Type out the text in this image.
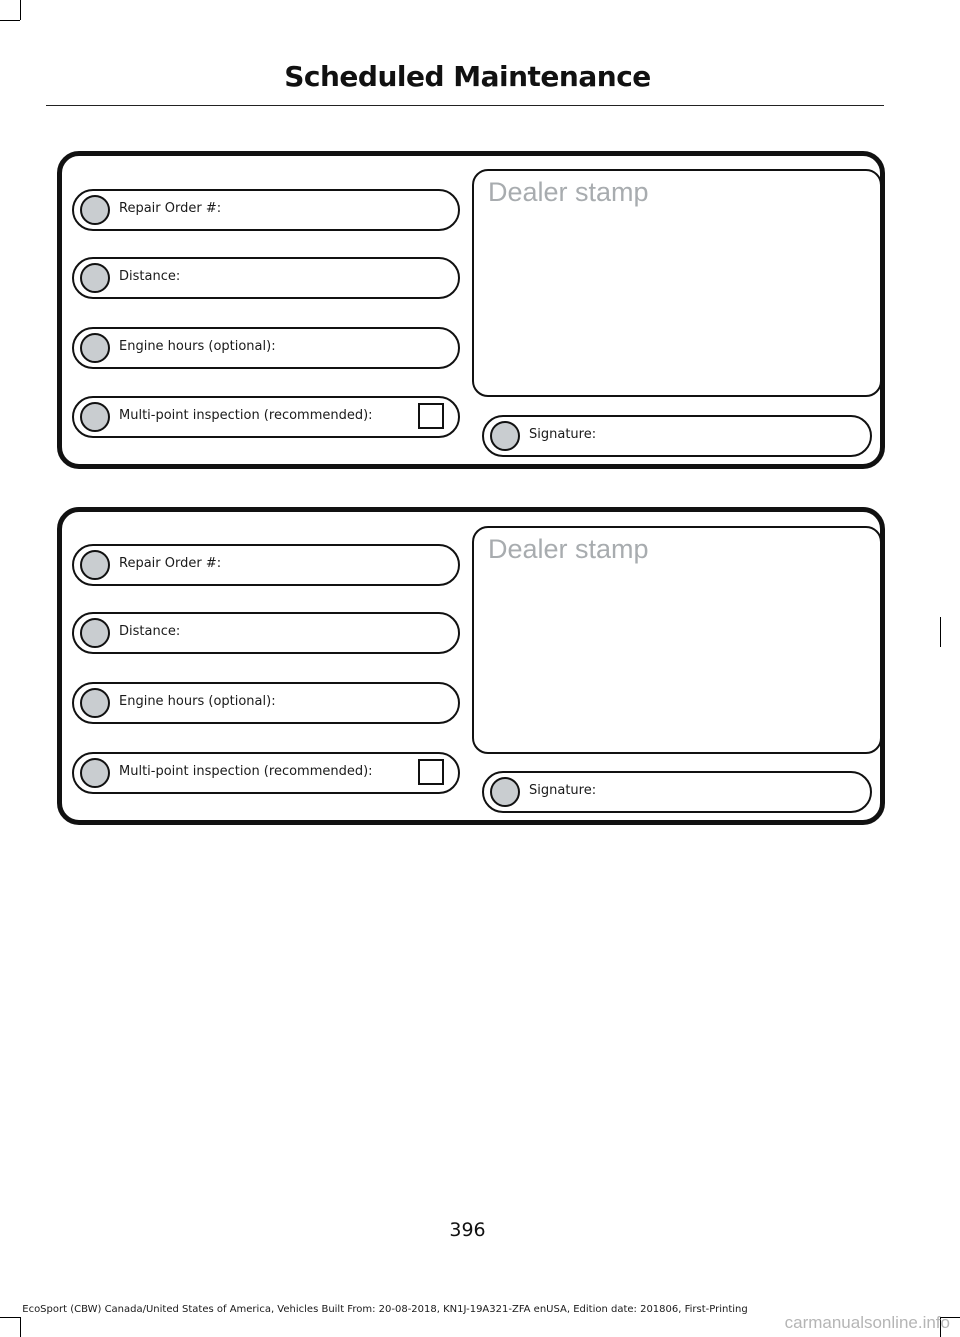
Scheduled Maintenance
Repair Order #:
Distance:
Engine hours (optional):
Multi-point inspection (recommended):
Dealer stamp
Signature:
Repair Order #:
Distance:
Engine hours (optional):
Multi-point inspection (recommended):
Dealer stamp
Signature:
396
EcoSport (CBW) Canada/United States of America, Vehicles Built From: 20-08-2018, KN1J-19A321-ZFA enUSA, Edition date: 201806, First-Printing
carmanualsonline.info
